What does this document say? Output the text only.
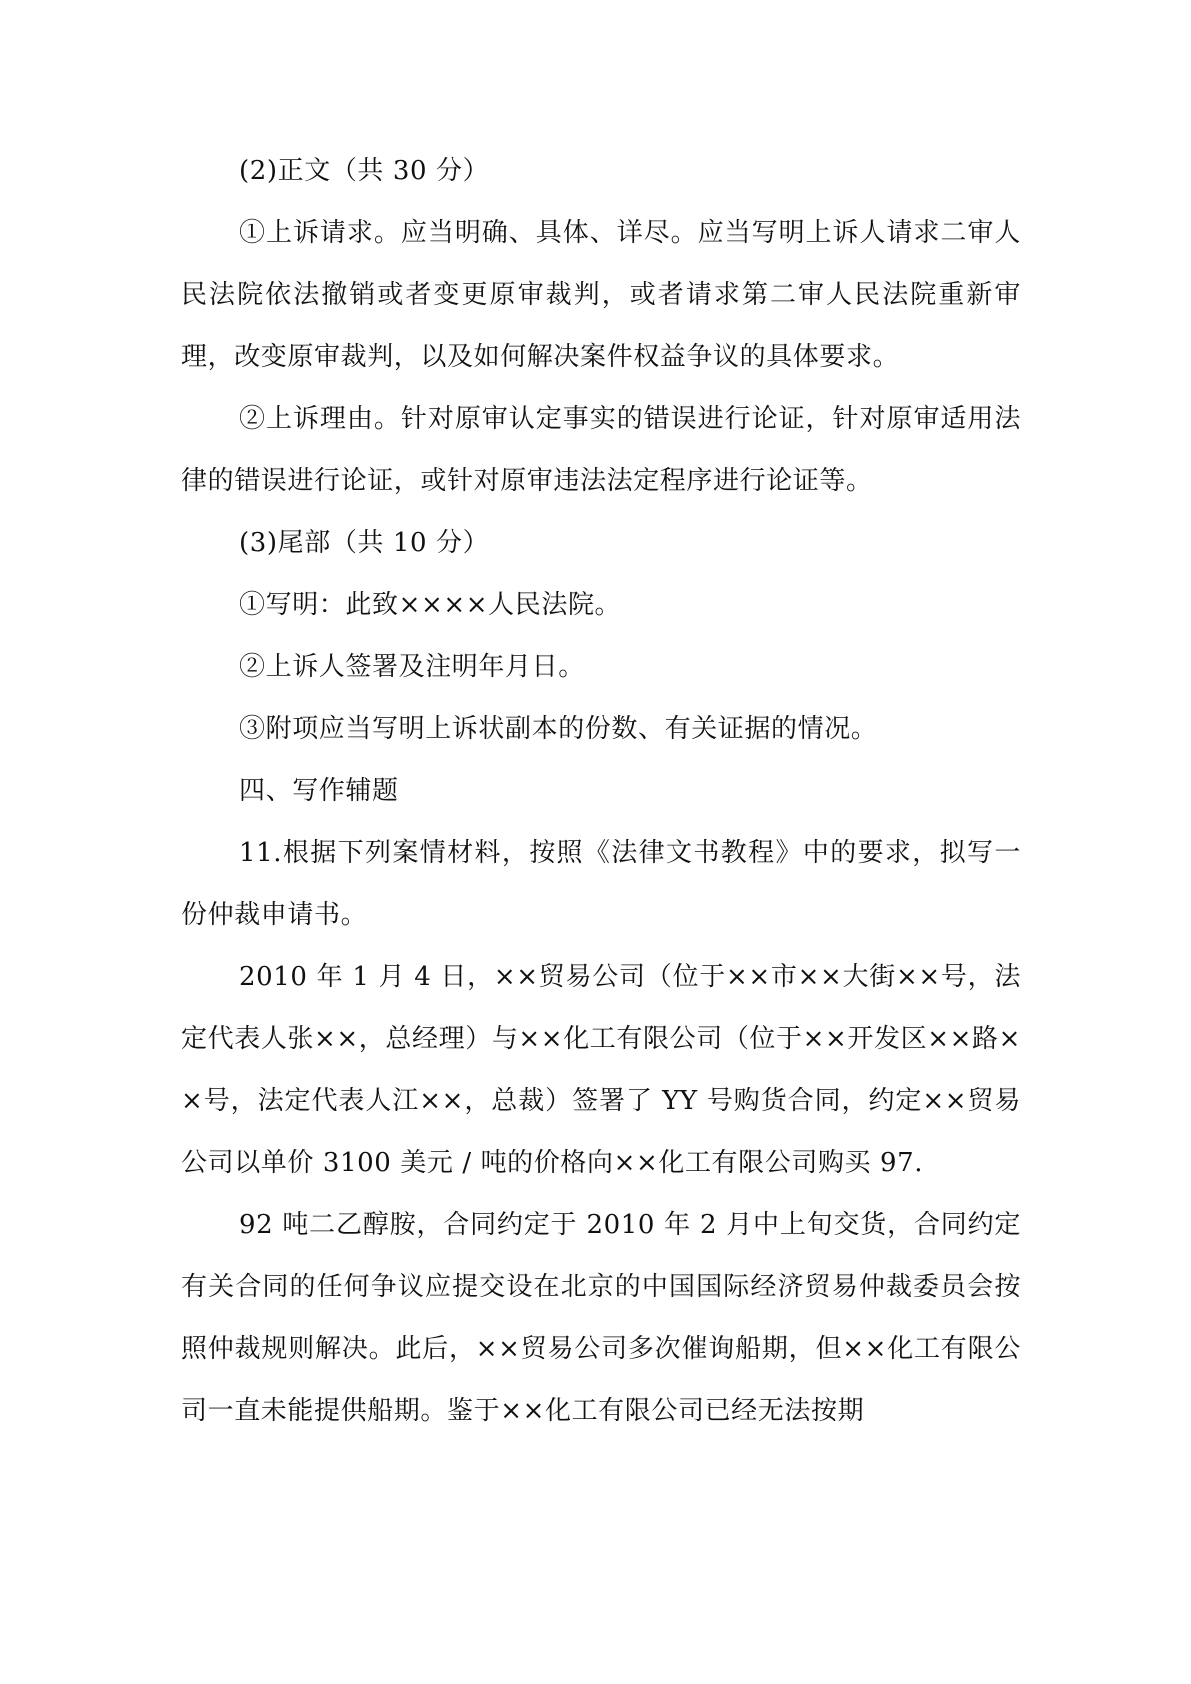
(2)正文（共 30 分）

①上诉请求。应当明确、具体、详尽。应当写明上诉人请求二审人民法院依法撤销或者变更原审裁判，或者请求第二审人民法院重新审理，改变原审裁判，以及如何解决案件权益争议的具体要求。

②上诉理由。针对原审认定事实的错误进行论证，针对原审适用法律的错误进行论证，或针对原审违法法定程序进行论证等。

(3)尾部（共 10 分）

①写明：此致××××人民法院。

②上诉人签署及注明年月日。

③附项应当写明上诉状副本的份数、有关证据的情况。

四、写作辅题

11.根据下列案情材料，按照《法律文书教程》中的要求，拟写一份仲裁申请书。

2010 年 1 月 4 日，××贸易公司（位于××市××大街××号，法定代表人张××，总经理）与××化工有限公司（位于××开发区××路××号，法定代表人江××，总裁）签署了 YY 号购货合同，约定××贸易公司以单价 3100 美元 / 吨的价格向××化工有限公司购买 97.

92 吨二乙醇胺，合同约定于 2010 年 2 月中上旬交货，合同约定有关合同的任何争议应提交设在北京的中国国际经济贸易仲裁委员会按照仲裁规则解决。此后，××贸易公司多次催询船期，但××化工有限公司一直未能提供船期。鉴于××化工有限公司已经无法按期
